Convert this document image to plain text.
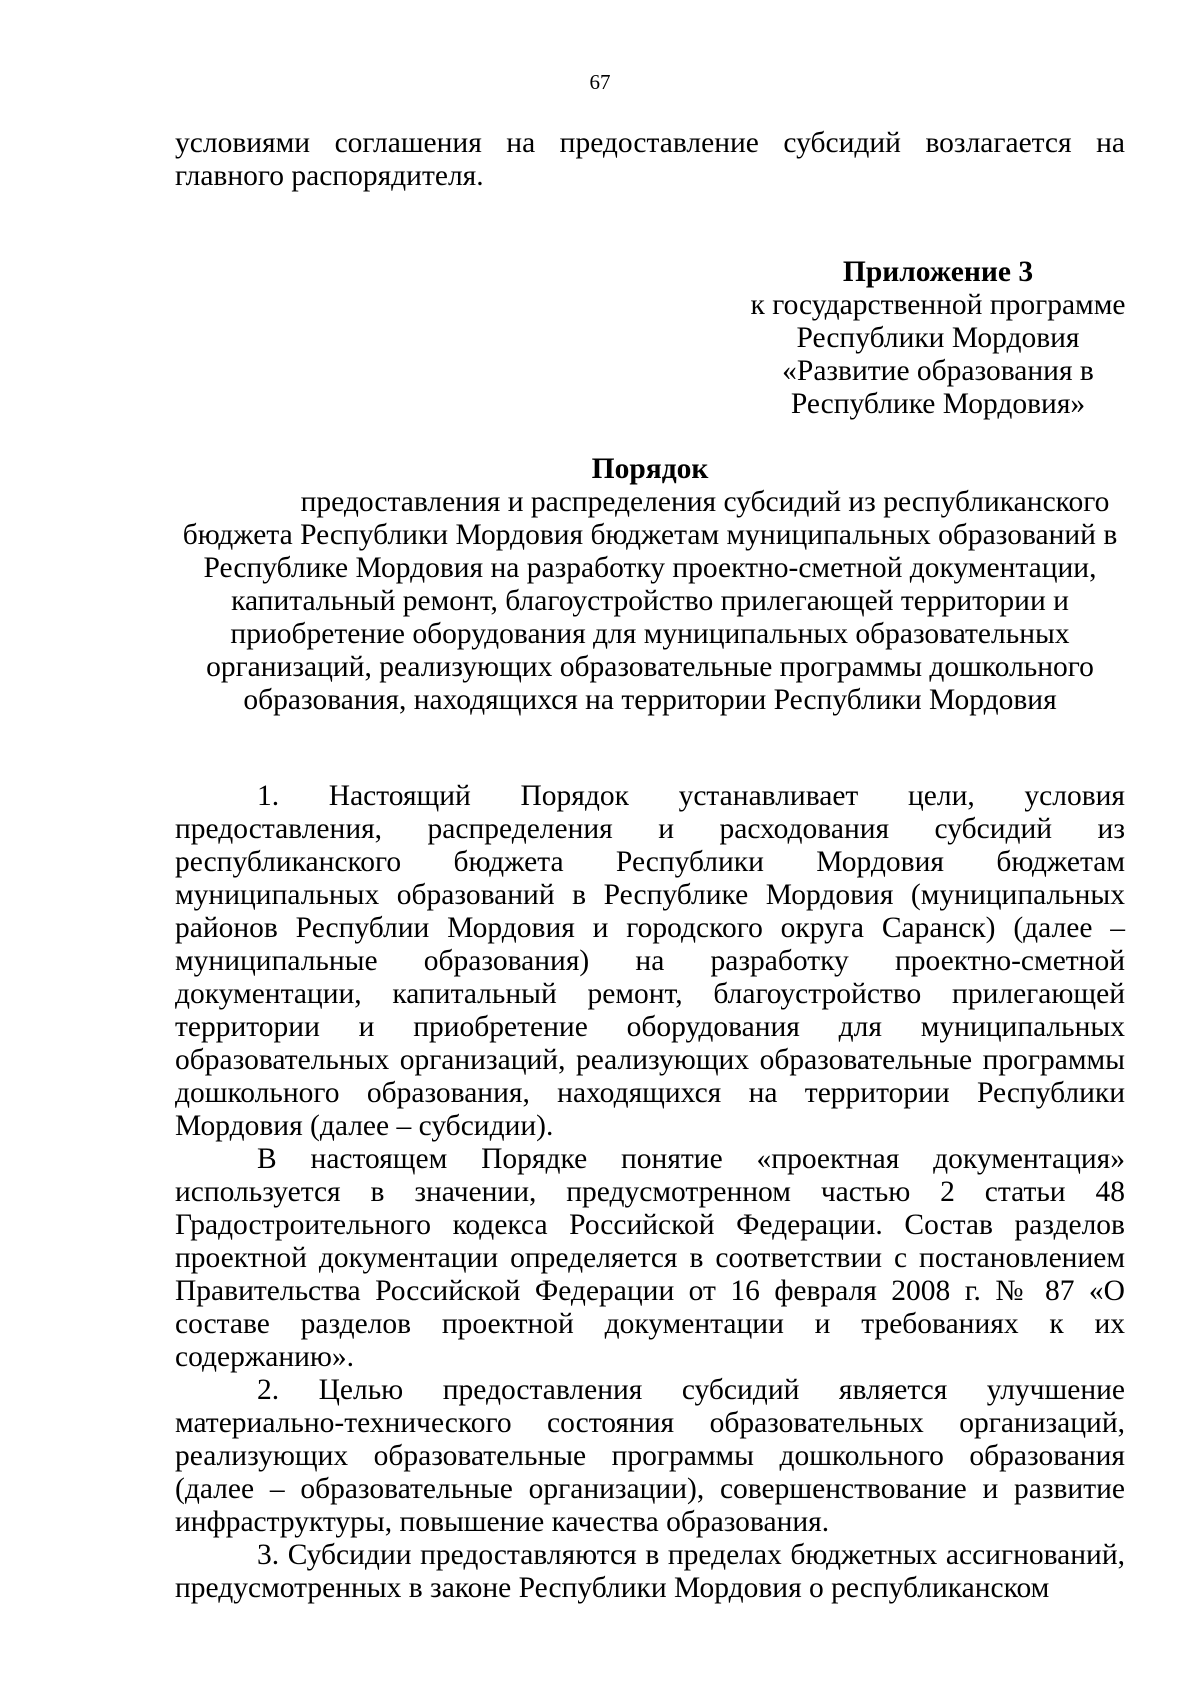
67
условиями соглашения на предоставление субсидий возлагается на главного распорядителя.
Приложение 3
к государственной программе
Республики Мордовия
«Развитие образования в
Республике Мордовия»
Порядок
предоставления и распределения субсидий из республиканского
бюджета Республики Мордовия бюджетам муниципальных образований в
Республике Мордовия на разработку проектно-сметной документации,
капитальный ремонт, благоустройство прилегающей территории и
приобретение оборудования для муниципальных образовательных
организаций, реализующих образовательные программы дошкольного
образования, находящихся на территории Республики Мордовия

1. Настоящий Порядок устанавливает цели, условия предоставления, распределения и расходования субсидий из республиканского бюджета Республики Мордовия бюджетам муниципальных образований в Республике Мордовия (муниципальных районов Республии Мордовия и городского округа Саранск) (далее – муниципальные образования) на разработку проектно-сметной документации, капитальный ремонт, благоустройство прилегающей территории и приобретение оборудования для муниципальных образовательных организаций, реализующих образовательные программы дошкольного образования, находящихся на территории Республики Мордовия (далее – субсидии).

В настоящем Порядке понятие «проектная документация» используется в значении, предусмотренном частью 2 статьи 48 Градостроительного кодекса Российской Федерации. Состав разделов проектной документации определяется в соответствии с постановлением Правительства Российской Федерации от 16 февраля 2008 г. № 87 «О составе разделов проектной документации и требованиях к их содержанию».

2. Целью предоставления субсидий является улучшение материально-технического состояния образовательных организаций, реализующих образовательные программы дошкольного образования (далее – образовательные организации), совершенствование и развитие инфраструктуры, повышение качества образования.

3. Субсидии предоставляются в пределах бюджетных ассигнований, предусмотренных в законе Республики Мордовия о республиканском
